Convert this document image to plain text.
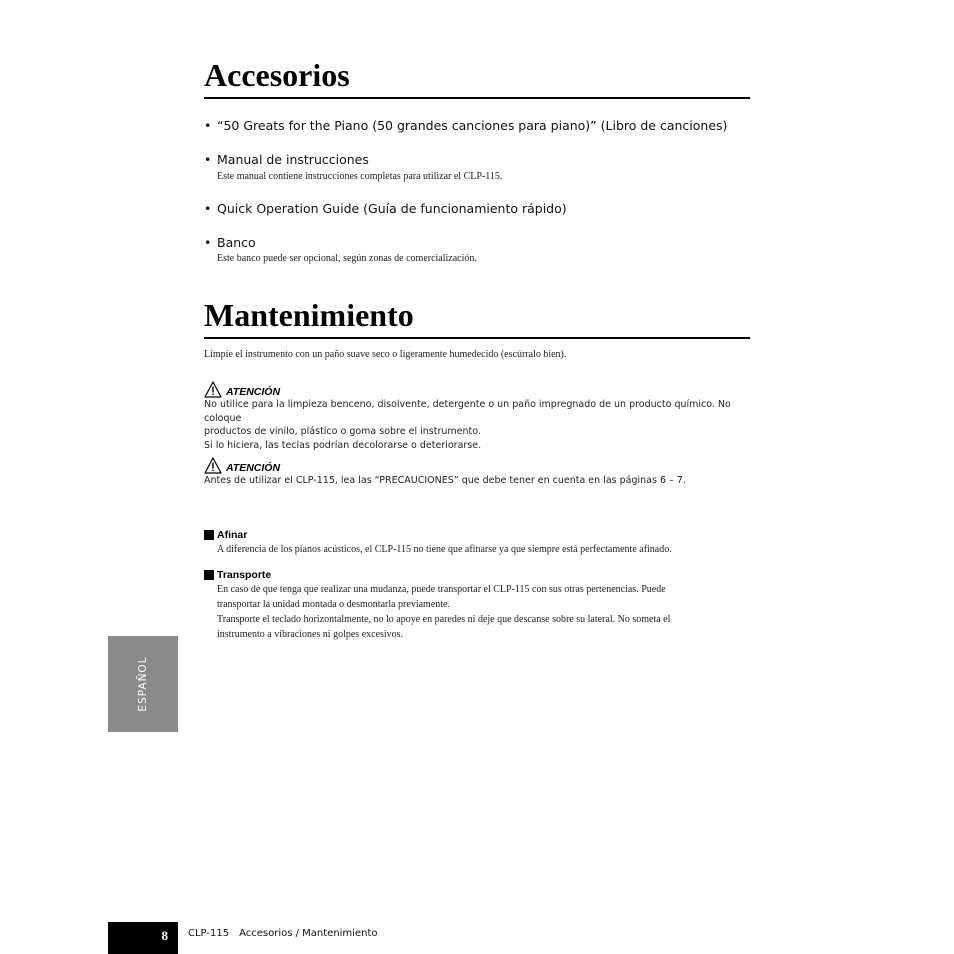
Accesorios
• “50 Greats for the Piano (50 grandes canciones para piano)” (Libro de canciones)
• Manual de instrucciones
Este manual contiene instrucciones completas para utilizar el CLP-115.
• Quick Operation Guide (Guía de funcionamiento rápido)
• Banco
Este banco puede ser opcional, según zonas de comercialización.
Mantenimiento
Limpie el instrumento con un paño suave seco o ligeramente humedecido (escúrralo bien).
ATENCIÓN
No utilice para la limpieza benceno, disolvente, detergente o un paño impregnado de un producto químico. No coloque
productos de vinilo, plástico o goma sobre el instrumento.
Si lo hiciera, las teclas podrían decolorarse o deteriorarse.
ATENCIÓN
Antes de utilizar el CLP-115, lea las “PRECAUCIONES” que debe tener en cuenta en las páginas 6 – 7.
Afinar
A diferencia de los pianos acústicos, el CLP-115 no tiene que afinarse ya que siempre está perfectamente afinado.
Transporte
En caso de que tenga que realizar una mudanza, puede transportar el CLP-115 con sus otras pertenencias. Puede
transportar la unidad montada o desmontarla previamente.
Transporte el teclado horizontalmente, no lo apoye en paredes ni deje que descanse sobre su lateral. No someta el
instrumento a vibraciones ni golpes excesivos.
ESPAÑOL
8 CLP-115 Accesorios / Mantenimiento
